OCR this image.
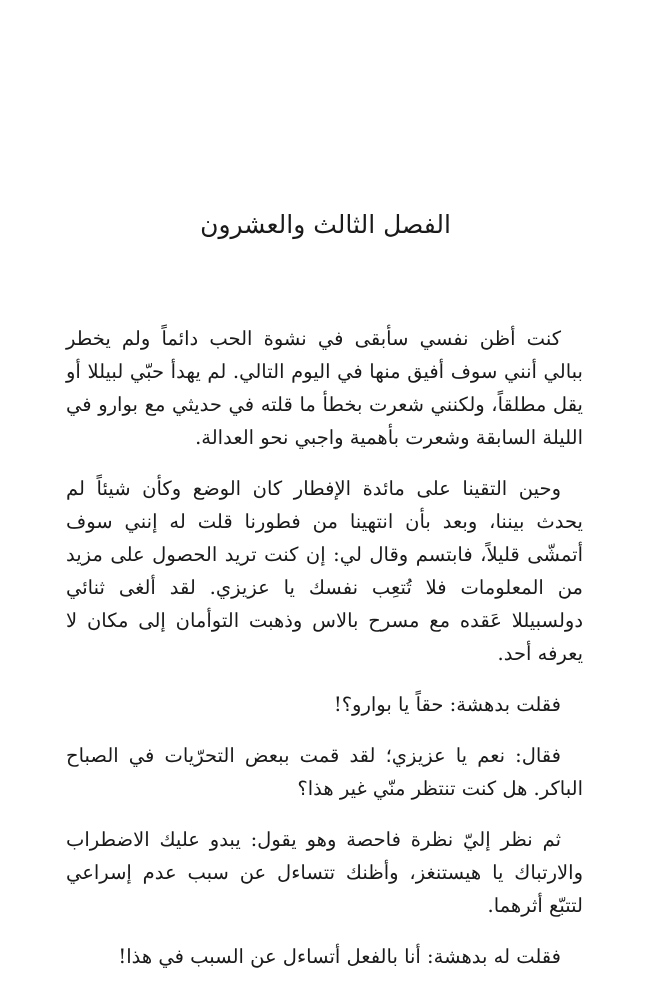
الفصل الثالث والعشرون

كنت أظن نفسي سأبقى في نشوة الحب دائماً ولم يخطر ببالي أنني سوف أفيق منها في اليوم التالي. لم يهدأ حبّي لبيللا أو يقل مطلقاً، ولكنني شعرت بخطأ ما قلته في حديثي مع بوارو في الليلة السابقة وشعرت بأهمية واجبي نحو العدالة.

وحين التقينا على مائدة الإفطار كان الوضع وكأن شيئاً لم يحدث بيننا، وبعد بأن انتهينا من فطورنا قلت له إنني سوف أتمشّى قليلاً، فابتسم وقال لي: إن كنت تريد الحصول على مزيد من المعلومات فلا تُتعِب نفسك يا عزيزي. لقد ألغى ثنائي دولسبيللا عَقده مع مسرح بالاس وذهبت التوأمان إلى مكان لا يعرفه أحد.

فقلت بدهشة: حقاً يا بوارو؟!

فقال: نعم يا عزيزي؛ لقد قمت ببعض التحرّيات في الصباح الباكر. هل كنت تنتظر منّي غير هذا؟

ثم نظر إليّ نظرة فاحصة وهو يقول: يبدو عليك الاضطراب والارتباك يا هيستنغز، وأظنك تتساءل عن سبب عدم إسراعي لتتبّع أثرهما.

فقلت له بدهشة: أنا بالفعل أتساءل عن السبب في هذا!
